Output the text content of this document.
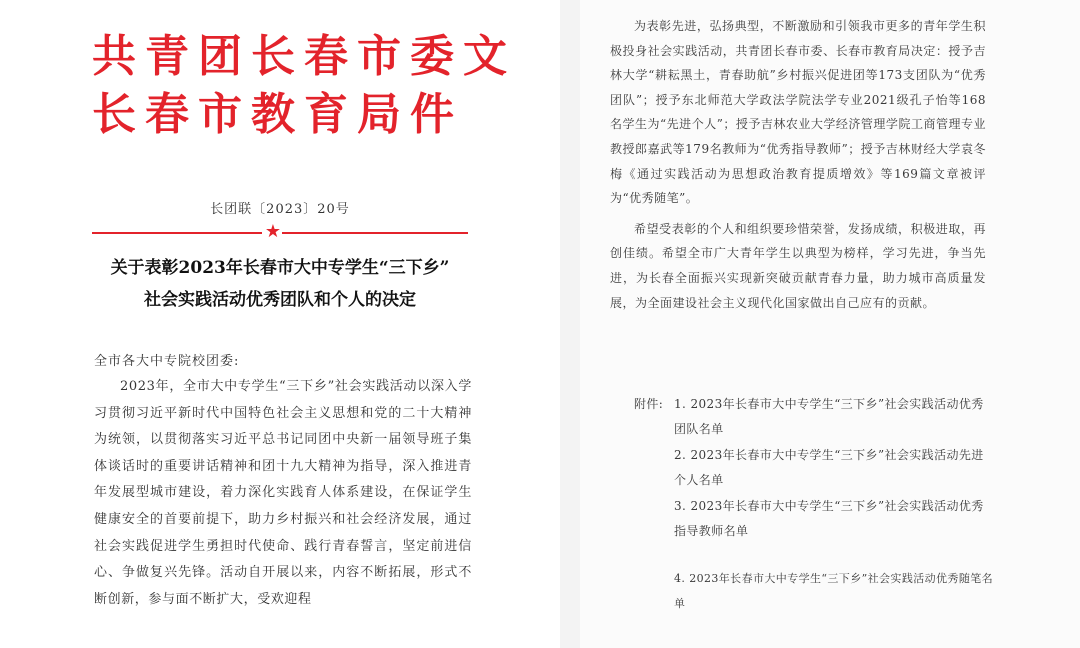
共青团长春市委文
长春市教育局件
长团联〔2023〕20号
★
关于表彰2023年长春市大中专学生“三下乡”
社会实践活动优秀团队和个人的决定
全市各大中专院校团委:
2023年，全市大中专学生“三下乡”社会实践活动以深入学习贯彻习近平新时代中国特色社会主义思想和党的二十大精神为统领，以贯彻落实习近平总书记同团中央新一届领导班子集体谈话时的重要讲话精神和团十九大精神为指导，深入推进青年发展型城市建设，着力深化实践育人体系建设，在保证学生健康安全的首要前提下，助力乡村振兴和社会经济发展，通过社会实践促进学生勇担时代使命、践行青春誓言，坚定前进信心、争做复兴先锋。活动自开展以来，内容不断拓展，形式不断创新，参与面不断扩大，受欢迎程

为表彰先进，弘扬典型，不断激励和引领我市更多的青年学生积极投身社会实践活动，共青团长春市委、长春市教育局决定：授予吉林大学“耕耘黑土，青春助航”乡村振兴促进团等173支团队为“优秀团队”；授予东北师范大学政法学院法学专业2021级孔子怡等168名学生为“先进个人”；授予吉林农业大学经济管理学院工商管理专业教授郎嘉武等179名教师为“优秀指导教师”；授予吉林财经大学袁冬梅《通过实践活动为思想政治教育提质增效》等169篇文章被评为“优秀随笔”。

希望受表彰的个人和组织要珍惜荣誉，发扬成绩，积极进取，再创佳绩。希望全市广大青年学生以典型为榜样，学习先进，争当先进，为长春全面振兴实现新突破贡献青春力量，助力城市高质量发展，为全面建设社会主义现代化国家做出自己应有的贡献。

附件: 1. 2023年长春市大中专学生“三下乡”社会实践活动优秀团队名单
2. 2023年长春市大中专学生“三下乡”社会实践活动先进个人名单
3. 2023年长春市大中专学生“三下乡”社会实践活动优秀指导教师名单
4. 2023年长春市大中专学生“三下乡”社会实践活动优秀随笔名单
